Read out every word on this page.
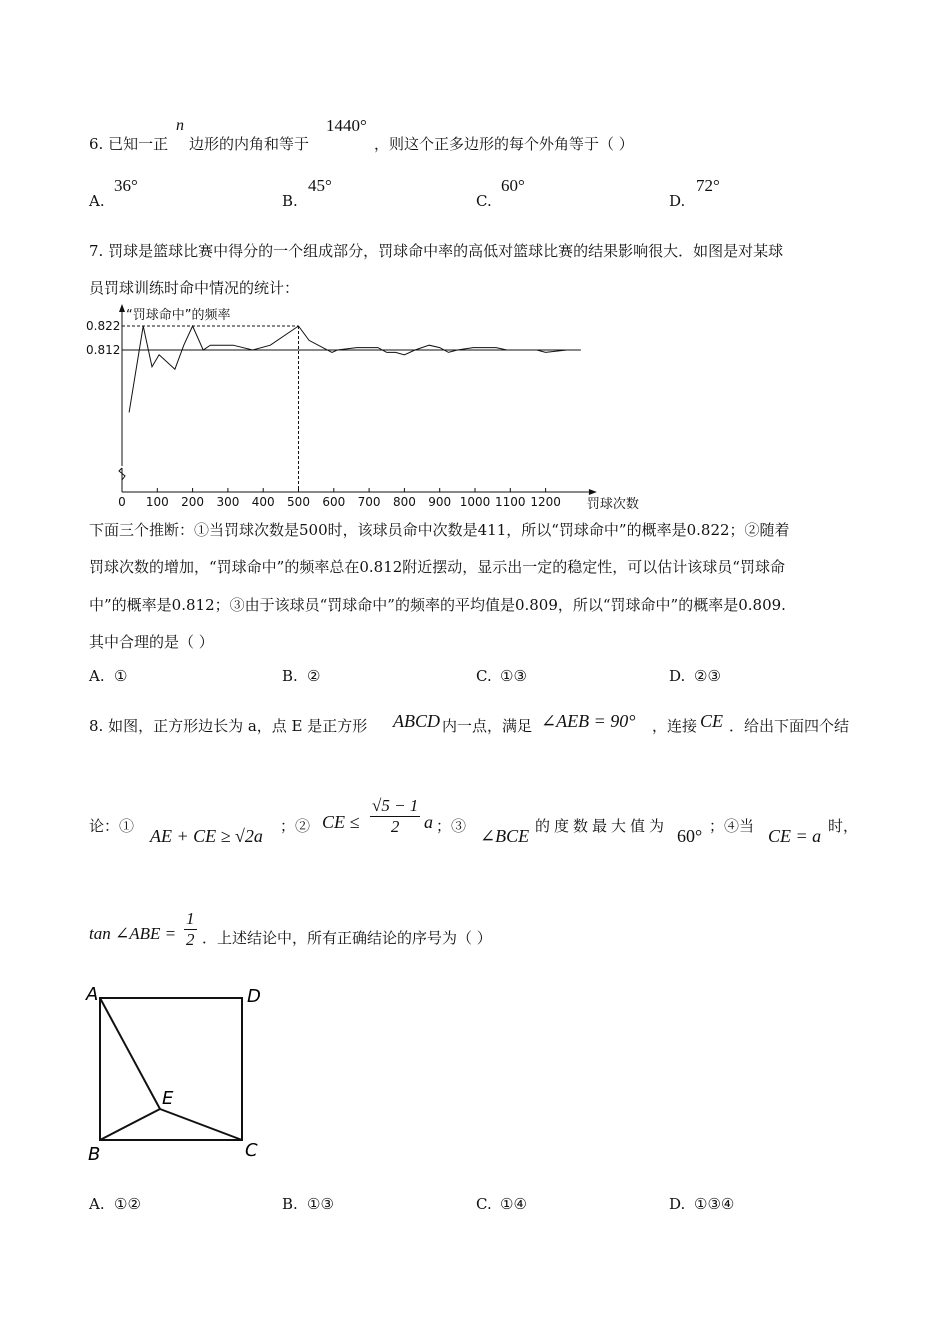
6. 已知一正
n
边形的内角和等于
1440°
，则这个正多边形的每个外角等于（ ）
A.
36°
B.
45°
C.
60°
D.
72°
7. 罚球是篮球比赛中得分的一个组成部分，罚球命中率的高低对篮球比赛的结果影响很大．如图是对某球
员罚球训练时命中情况的统计：
0 100 200 300 400 500 600 700 800 900 1000 1100 1200 罚球次数
“罚球命中”的频率
0.822
0.812
下面三个推断：①当罚球次数是500时，该球员命中次数是411，所以“罚球命中”的概率是0.822；②随着
罚球次数的增加，“罚球命中”的频率总在0.812附近摆动，显示出一定的稳定性，可以估计该球员“罚球命
中”的概率是0.812；③由于该球员“罚球命中”的频率的平均值是0.809，所以“罚球命中”的概率是0.809.
其中合理的是（ ）
A. ①	B. ②	C. ①③	D. ②③
8. 如图，正方形边长为 a，点 E 是正方形 ABCD 内一点，满足 ∠AEB = 90° ，连接 CE ．给出下面四个结
论：① AE + CE ≥ √2a ；② CE ≤ $\frac{√5 - 1}{2}$ a ；③ ∠BCE 的度数最大值为 60° ；④当 CE = a 时，
tan ∠ABE = $\frac{1}{2}$ ．上述结论中，所有正确结论的序号为（ ）
A	D
E
B	C
A. ①②	B. ①③	C. ①④	D. ①③④
